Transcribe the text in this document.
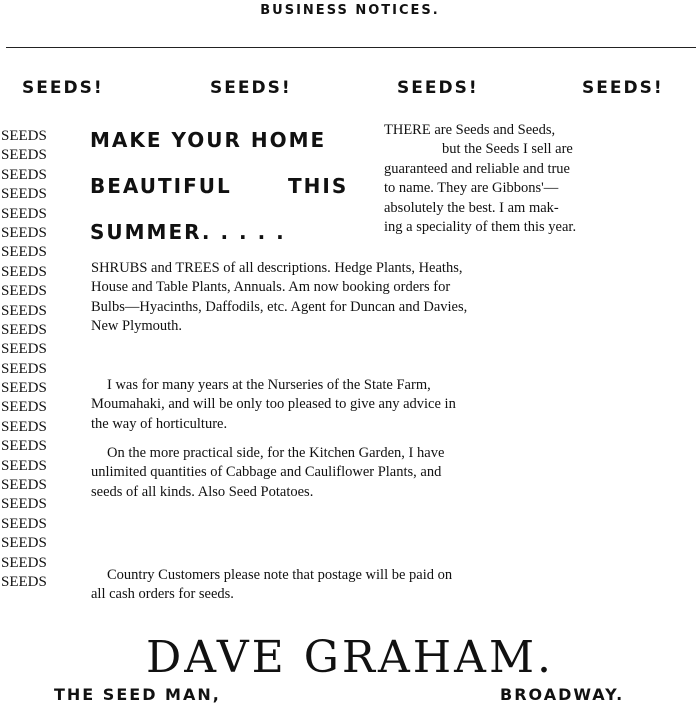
BUSINESS NOTICES.
SEEDS!	SEEDS!	SEEDS!	SEEDS!
SEEDS
SEEDS
SEEDS
SEEDS
SEEDS
SEEDS
SEEDS
SEEDS
SEEDS
SEEDS
SEEDS
SEEDS
SEEDS
SEEDS
SEEDS
SEEDS
SEEDS
SEEDS
SEEDS
SEEDS
SEEDS
SEEDS
SEEDS
SEEDS
MAKE YOUR HOME
BEAUTIFUL	THIS
SUMMER. . . . .
THERE are Seeds and Seeds,
but the Seeds I sell are
guaranteed and reliable and true
to name. They are Gibbons'—
absolutely the best. I am mak-
ing a speciality of them this year.
SHRUBS and TREES of all descriptions. Hedge Plants, Heaths,
House and Table Plants, Annuals. Am now booking orders for
Bulbs—Hyacinths, Daffodils, etc. Agent for Duncan and Davies,
New Plymouth.
I was for many years at the Nurseries of the State Farm,
Moumahaki, and will be only too pleased to give any advice in
the way of horticulture.
On the more practical side, for the Kitchen Garden, I have
unlimited quantities of Cabbage and Cauliflower Plants, and
seeds of all kinds. Also Seed Potatoes.
Country Customers please note that postage will be paid on
all cash orders for seeds.
DAVE GRAHAM.
THE SEED MAN,	BROADWAY.
